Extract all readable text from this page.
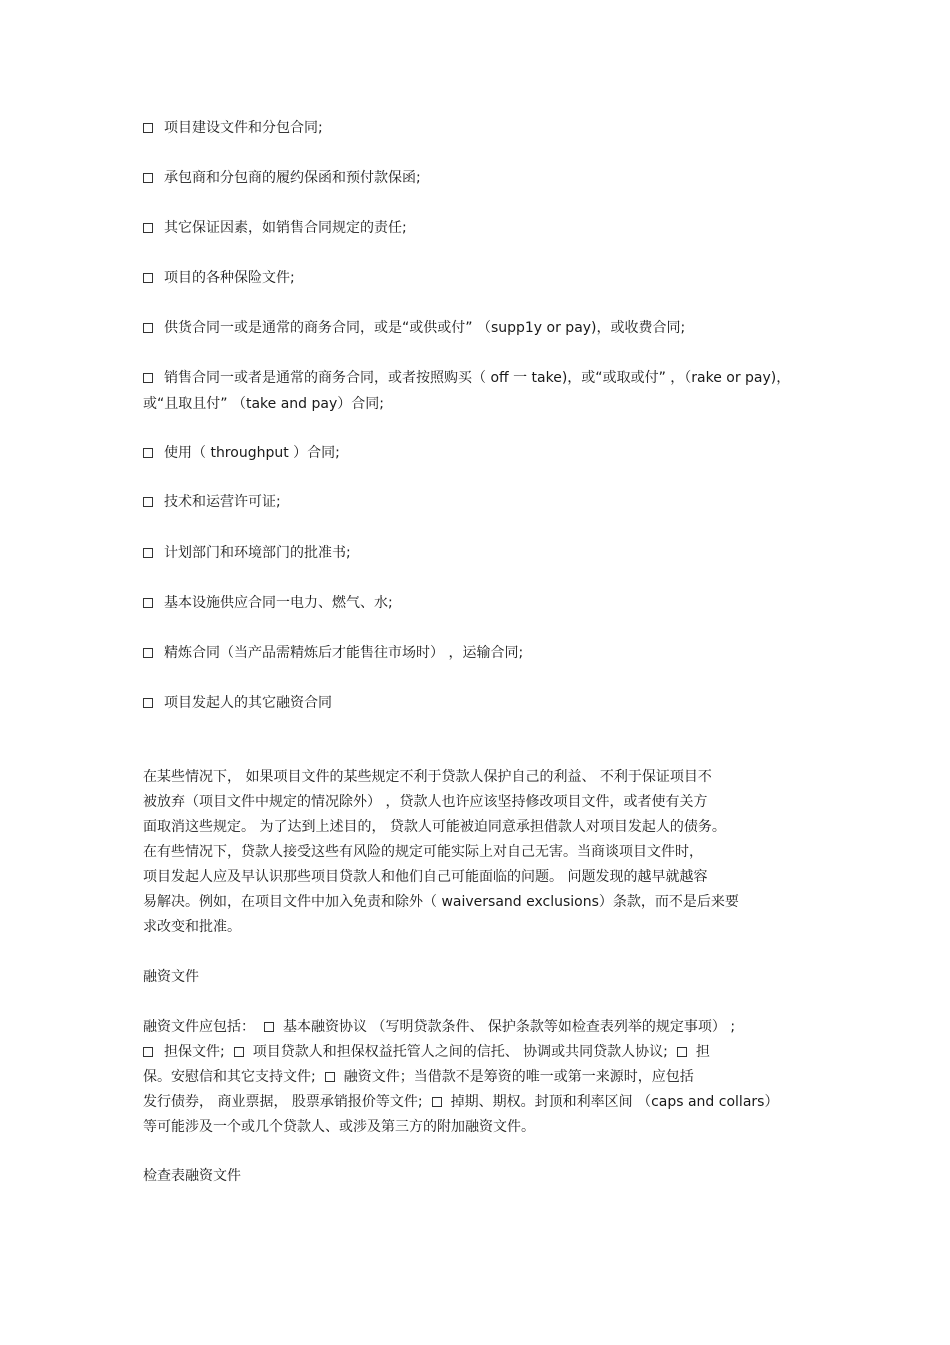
项目建设文件和分包合同;
承包商和分包商的履约保函和预付款保函;
其它保证因素，如销售合同规定的责任;
项目的各种保险文件;
供货合同一或是通常的商务合同，或是“或供或付” （supp1y or pay)，或收费合同;
销售合同一或者是通常的商务合同，或者按照购买（ off 一 take)，或“或取或付” ，（rake or pay)，或“且取且付” （take and pay）合同;
使用（ throughput ）合同;
技术和运营许可证;
计划部门和环境部门的批准书;
基本设施供应合同一电力、燃气、水;
精炼合同（当产品需精炼后才能售往市场时） ，运输合同;
项目发起人的其它融资合同
在某些情况下， 如果项目文件的某些规定不利于贷款人保护自己的利益、 不利于保证项目不
被放弃（项目文件中规定的情况除外） ，贷款人也许应该坚持修改项目文件，或者使有关方
面取消这些规定。 为了达到上述目的， 贷款人可能被迫同意承担借款人对项目发起人的债务。
在有些情况下，贷款人接受这些有风险的规定可能实际上对自己无害。当商谈项目文件时，
项目发起人应及早认识那些项目贷款人和他们自己可能面临的问题。 问题发现的越早就越容
易解决。例如，在项目文件中加入免责和除外（ waiversand exclusions）条款，而不是后来要
求改变和批准。
融资文件
融资文件应包括： 基本融资协议 （写明贷款条件、 保护条款等如检查表列举的规定事项） ;
担保文件; 项目贷款人和担保权益托管人之间的信托、 协调或共同贷款人协议; 担
保。安慰信和其它支持文件; 融资文件；当借款不是筹资的唯一或第一来源时，应包括
发行债券， 商业票据， 股票承销报价等文件; 掉期、期权。封顶和利率区间 （caps and collars）
等可能涉及一个或几个贷款人、或涉及第三方的附加融资文件。
检查表融资文件
